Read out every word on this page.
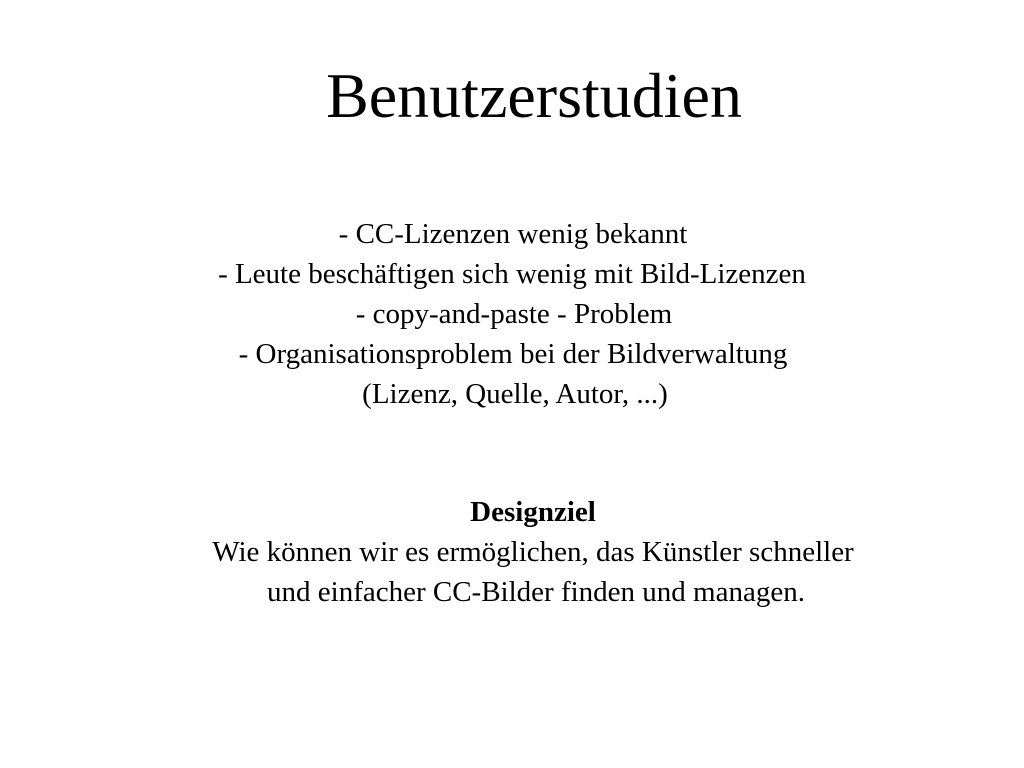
Benutzerstudien
- CC-Lizenzen wenig bekannt
- Leute beschäftigen sich wenig mit Bild-Lizenzen
- copy-and-paste - Problem
- Organisationsproblem bei der Bildverwaltung
(Lizenz, Quelle, Autor, ...)
Designziel
Wie können wir es ermöglichen, das Künstler schneller
und einfacher CC-Bilder finden und managen.
